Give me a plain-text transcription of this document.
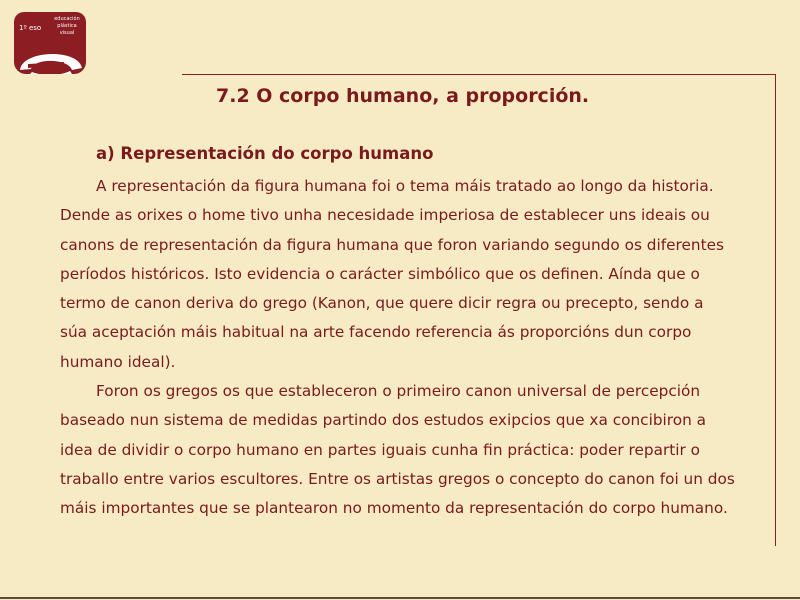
1º eso
educación
plástica
visual
7.2 O corpo humano, a proporción.
a) Representación do corpo humano
A representación da figura humana foi o tema máis tratado ao longo da historia.
Dende as orixes o home tivo unha necesidade imperiosa de establecer uns ideais ou
canons de representación da figura humana que foron variando segundo os diferentes
períodos históricos. Isto evidencia o carácter simbólico que os definen. Aínda que o
termo de canon deriva do grego (Kanon, que quere dicir regra ou precepto, sendo a
súa aceptación máis habitual na arte facendo referencia ás proporcións dun corpo
humano ideal).
Foron os gregos os que estableceron o primeiro canon universal de percepción
baseado nun sistema de medidas partindo dos estudos exipcios que xa concibiron a
idea de dividir o corpo humano en partes iguais cunha fin práctica: poder repartir o
traballo entre varios escultores. Entre os artistas gregos o concepto do canon foi un dos
máis importantes que se plantearon no momento da representación do corpo humano.
